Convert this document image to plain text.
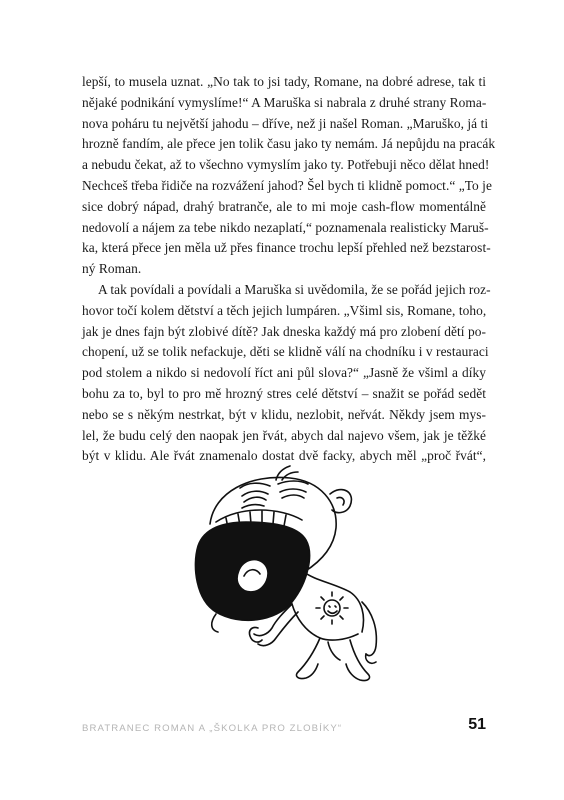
lepší, to musela uznat. „No tak to jsi tady, Romane, na dobré adrese, tak ti
nějaké podnikání vymyslíme!“ A Maruška si nabrala z druhé strany Roma-
nova poháru tu největší jahodu – dříve, než ji našel Roman. „Maruško, já ti
hrozně fandím, ale přece jen tolik času jako ty nemám. Já nepůjdu na pracák
a nebudu čekat, až to všechno vymyslím jako ty. Potřebuji něco dělat hned!
Nechceš třeba řidiče na rozvážení jahod? Šel bych ti klidně pomoct.“ „To je
sice dobrý nápad, drahý bratranče, ale to mi moje cash-flow momentálně
nedovolí a nájem za tebe nikdo nezaplatí,“ poznamenala realisticky Maruš-
ka, která přece jen měla už přes finance trochu lepší přehled než bezstarost-
ný Roman.
A tak povídali a povídali a Maruška si uvědomila, že se pořád jejich roz-
hovor točí kolem dětství a těch jejich lumpáren. „Všiml sis, Romane, toho,
jak je dnes fajn být zlobivé dítě? Jak dneska každý má pro zlobení dětí po-
chopení, už se tolik nefackuje, děti se klidně válí na chodníku i v restauraci
pod stolem a nikdo si nedovolí říct ani půl slova?“ „Jasně že všiml a díky
bohu za to, byl to pro mě hrozný stres celé dětství – snažit se pořád sedět
nebo se s někým nestrkat, být v klidu, nezlobit, neřvát. Někdy jsem mys-
lel, že budu celý den naopak jen řvát, abych dal najevo všem, jak je těžké
být v klidu. Ale řvát znamenalo dostat dvě facky, abych měl „proč řvát“,
BRATRANEC ROMAN A „ŠKOLKA PRO ZLOBÍKY“	51
